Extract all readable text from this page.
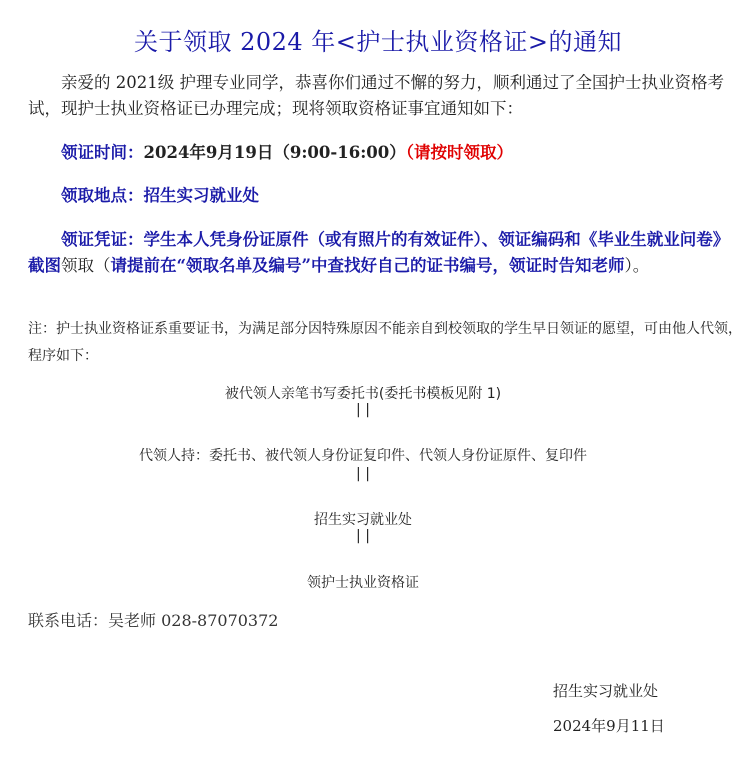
关于领取 2024 年<护士执业资格证>的通知
亲爱的 2021级 护理专业同学，恭喜你们通过不懈的努力，顺利通过了全国护士执业资格考试，现护士执业资格证已办理完成；现将领取资格证事宜通知如下：
领证时间：2024年9月19日（9:00-16:00）（请按时领取）
领取地点：招生实习就业处
领证凭证：学生本人凭身份证原件（或有照片的有效证件）、领证编码和《毕业生就业问卷》截图领取（请提前在“领取名单及编号”中查找好自己的证书编号，领证时告知老师）。
注：护士执业资格证系重要证书，为满足部分因特殊原因不能亲自到校领取的学生早日领证的愿望，可由他人代领，程序如下：
被代领人亲笔书写委托书(委托书模板见附 1)
| |
代领人持：委托书、被代领人身份证复印件、代领人身份证原件、复印件
| |
招生实习就业处
| |
领护士执业资格证
联系电话：吴老师 028-87070372
招生实习就业处
2024年9月11日
